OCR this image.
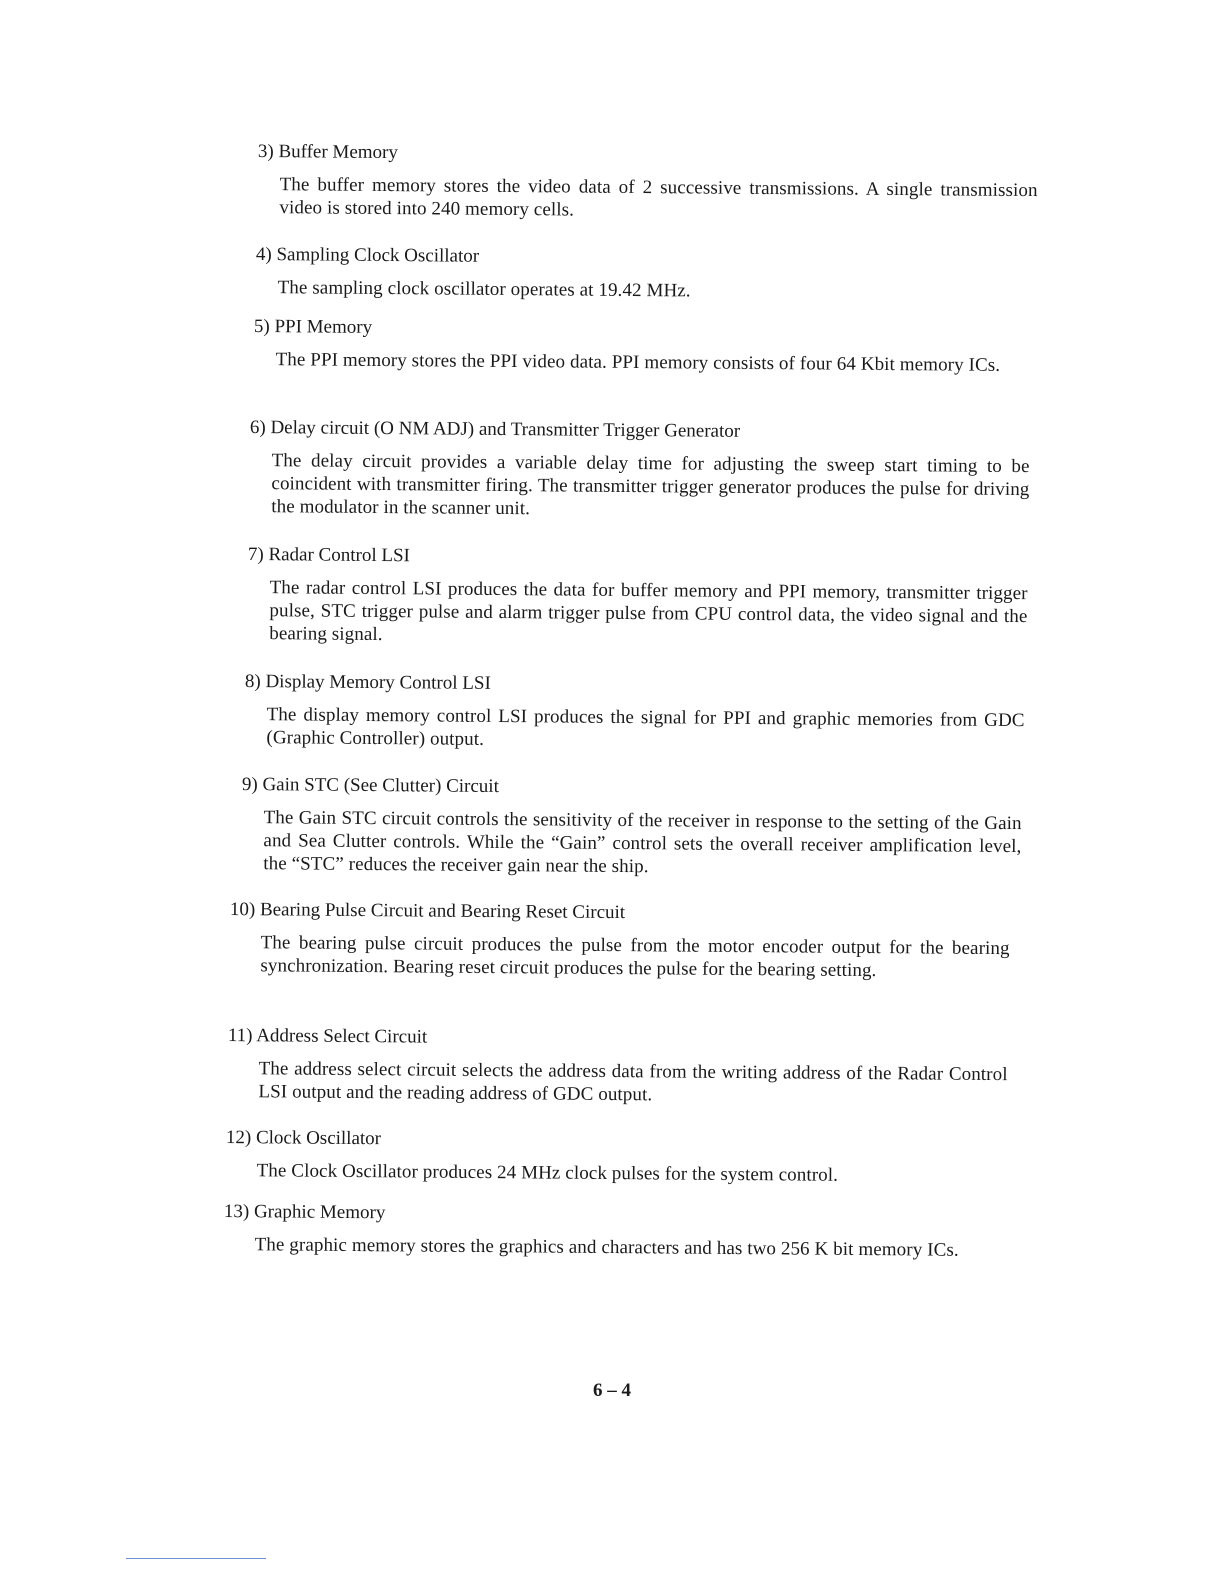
3) Buffer Memory

The buffer memory stores the video data of 2 successive transmissions. A single transmission video is stored into 240 memory cells.

4) Sampling Clock Oscillator

The sampling clock oscillator operates at 19.42 MHz.

5) PPI Memory

The PPI memory stores the PPI video data. PPI memory consists of four 64 Kbit memory ICs.

6) Delay circuit (O NM ADJ) and Transmitter Trigger Generator

The delay circuit provides a variable delay time for adjusting the sweep start timing to be coincident with transmitter firing. The transmitter trigger generator produces the pulse for driving the modulator in the scanner unit.

7) Radar Control LSI

The radar control LSI produces the data for buffer memory and PPI memory, transmitter trigger pulse, STC trigger pulse and alarm trigger pulse from CPU control data, the video signal and the bearing signal.

8) Display Memory Control LSI

The display memory control LSI produces the signal for PPI and graphic memories from GDC (Graphic Controller) output.

9) Gain STC (See Clutter) Circuit

The Gain STC circuit controls the sensitivity of the receiver in response to the setting of the Gain and Sea Clutter controls. While the “Gain” control sets the overall receiver amplification level, the “STC” reduces the receiver gain near the ship.

10) Bearing Pulse Circuit and Bearing Reset Circuit

The bearing pulse circuit produces the pulse from the motor encoder output for the bearing synchronization. Bearing reset circuit produces the pulse for the bearing setting.

11) Address Select Circuit

The address select circuit selects the address data from the writing address of the Radar Control LSI output and the reading address of GDC output.

12) Clock Oscillator

The Clock Oscillator produces 24 MHz clock pulses for the system control.

13) Graphic Memory

The graphic memory stores the graphics and characters and has two 256 K bit memory ICs.

6 – 4
